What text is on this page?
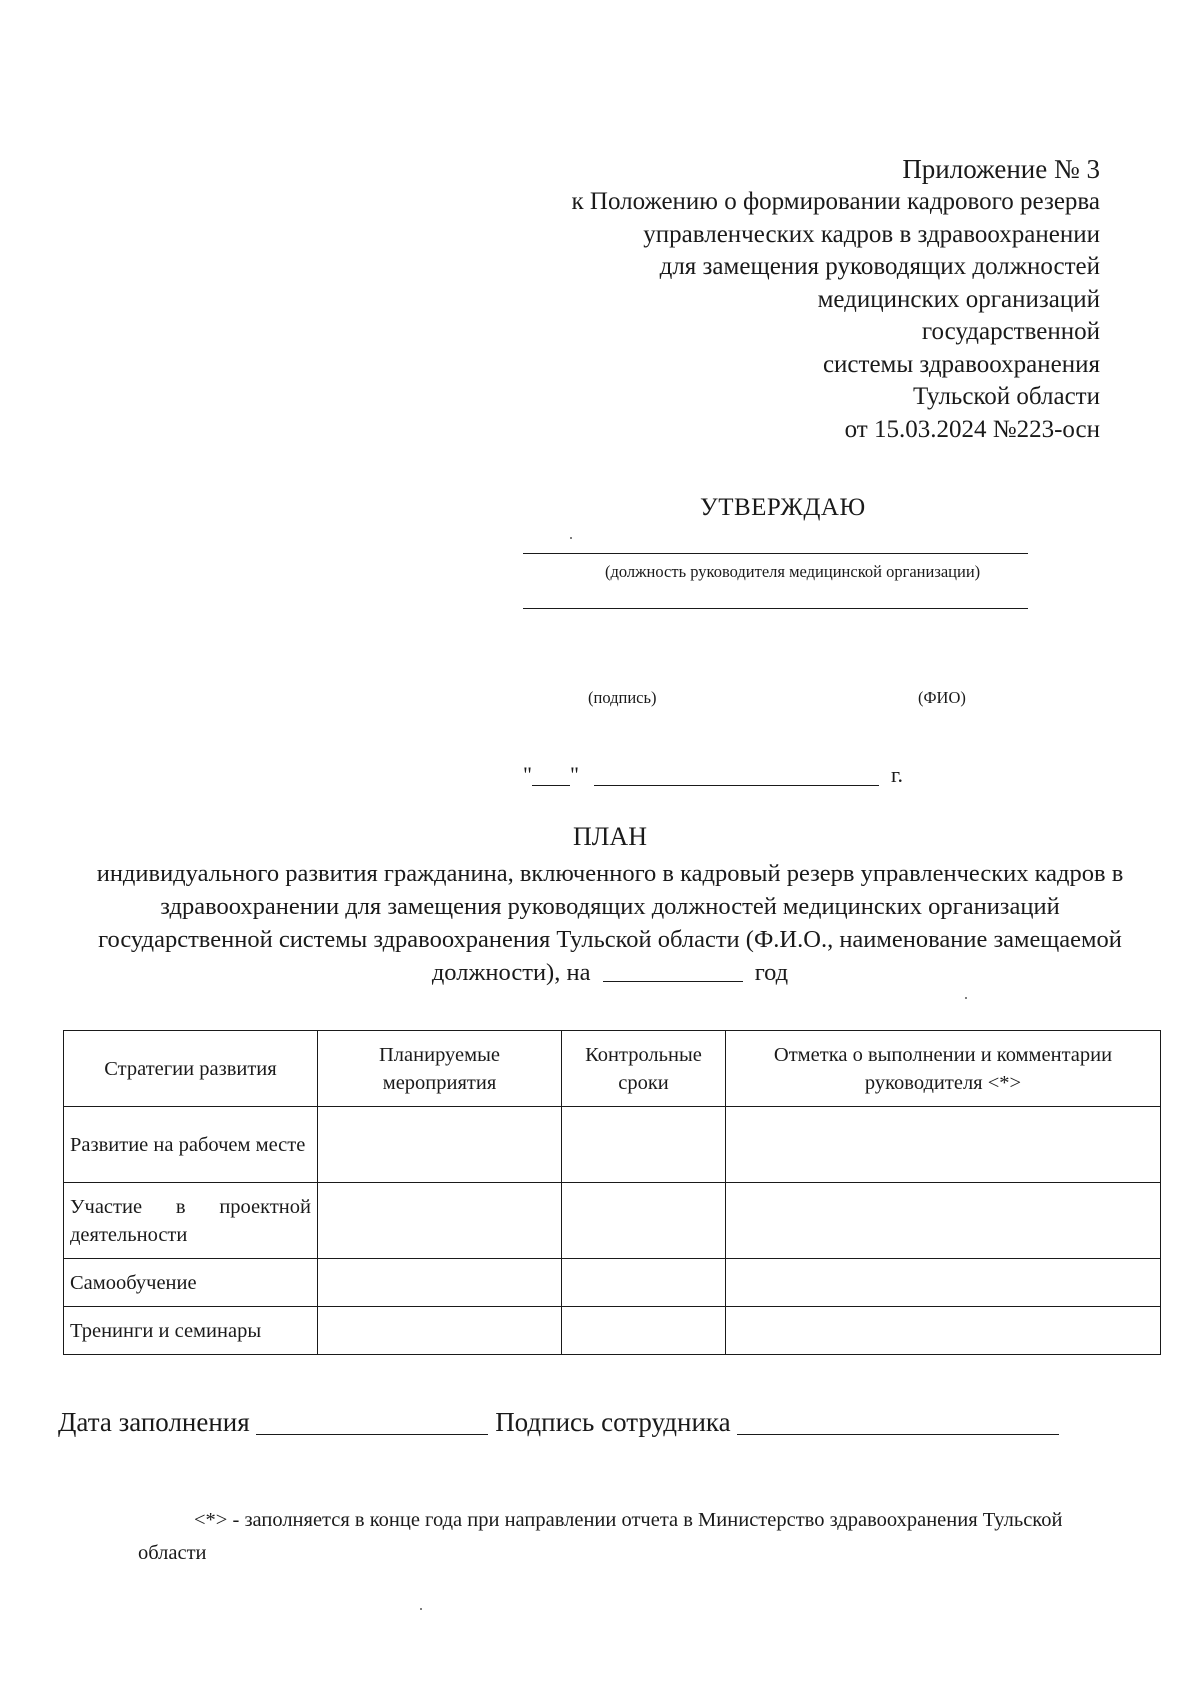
Приложение № 3
к Положению о формировании кадрового резерва
управленческих кадров в здравоохранении
для замещения руководящих должностей
медицинских организаций
государственной
системы здравоохранения
Тульской области
от 15.03.2024 №223-осн
УТВЕРЖДАЮ
(должность руководителя медицинской организации)
(подпись)	(ФИО)
" "	г.
ПЛАН
индивидуального развития гражданина, включенного в кадровый резерв управленческих кадров в здравоохранении для замещения руководящих должностей медицинских организаций государственной системы здравоохранения Тульской области (Ф.И.О., наименование замещаемой должности), на	год
Стратегии развития	Планируемые мероприятия	Контрольные сроки	Отметка о выполнении и комментарии руководителя <*>
Развитие на рабочем месте			
Участие в проектной деятельности			
Самообучение			
Тренинги и семинары			
Дата заполнения	Подпись сотрудника
<*> - заполняется в конце года при направлении отчета в Министерство здравоохранения Тульской области
